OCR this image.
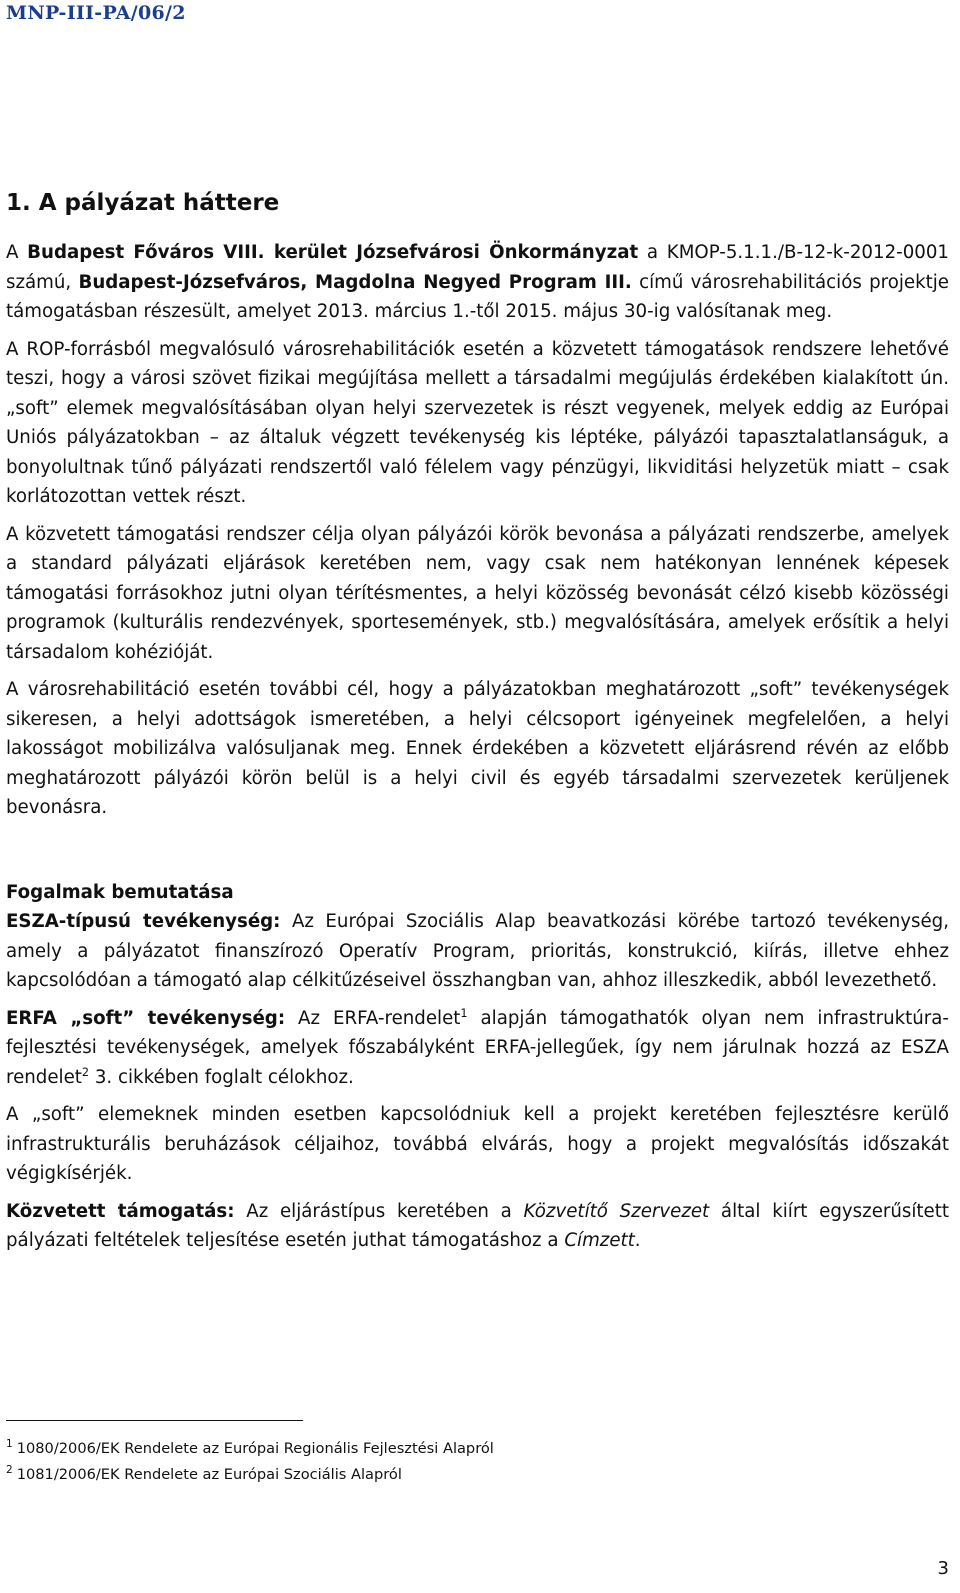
MNP-III-PA/06/2
1. A pályázat háttere

A Budapest Főváros VIII. kerület Józsefvárosi Önkormányzat a KMOP-5.1.1./B-12-k-2012-0001 számú, Budapest-Józsefváros, Magdolna Negyed Program III. című városrehabilitációs projektje támogatásban részesült, amelyet 2013. március 1.-től 2015. május 30-ig valósítanak meg.

A ROP-forrásból megvalósuló városrehabilitációk esetén a közvetett támogatások rendszere lehetővé teszi, hogy a városi szövet fizikai megújítása mellett a társadalmi megújulás érdekében kialakított ún. „soft” elemek megvalósításában olyan helyi szervezetek is részt vegyenek, melyek eddig az Európai Uniós pályázatokban – az általuk végzett tevékenység kis léptéke, pályázói tapasztalatlanságuk, a bonyolultnak tűnő pályázati rendszertől való félelem vagy pénzügyi, likviditási helyzetük miatt – csak korlátozottan vettek részt.

A közvetett támogatási rendszer célja olyan pályázói körök bevonása a pályázati rendszerbe, amelyek a standard pályázati eljárások keretében nem, vagy csak nem hatékonyan lennének képesek támogatási forrásokhoz jutni olyan térítésmentes, a helyi közösség bevonását célzó kisebb közösségi programok (kulturális rendezvények, sportesemények, stb.) megvalósítására, amelyek erősítik a helyi társadalom kohézióját.

A városrehabilitáció esetén további cél, hogy a pályázatokban meghatározott „soft” tevékenységek sikeresen, a helyi adottságok ismeretében, a helyi célcsoport igényeinek megfelelően, a helyi lakosságot mobilizálva valósuljanak meg. Ennek érdekében a közvetett eljárásrend révén az előbb meghatározott pályázói körön belül is a helyi civil és egyéb társadalmi szervezetek kerüljenek bevonásra.

Fogalmak bemutatása

ESZA-típusú tevékenység: Az Európai Szociális Alap beavatkozási körébe tartozó tevékenység, amely a pályázatot finanszírozó Operatív Program, prioritás, konstrukció, kiírás, illetve ehhez kapcsolódóan a támogató alap célkitűzéseivel összhangban van, ahhoz illeszkedik, abból levezethető.

ERFA „soft” tevékenység: Az ERFA-rendelet$^1$ alapján támogathatók olyan nem infrastruktúra-fejlesztési tevékenységek, amelyek főszabályként ERFA-jellegűek, így nem járulnak hozzá az ESZA rendelet$^2$ 3. cikkében foglalt célokhoz.

A „soft” elemeknek minden esetben kapcsolódniuk kell a projekt keretében fejlesztésre kerülő infrastrukturális beruházások céljaihoz, továbbá elvárás, hogy a projekt megvalósítás időszakát végigkísérjék.

Közvetett támogatás: Az eljárástípus keretében a Közvetítő Szervezet által kiírt egyszerűsített pályázati feltételek teljesítése esetén juthat támogatáshoz a Címzett.

$^1$ 1080/2006/EK Rendelete az Európai Regionális Fejlesztési Alapról
$^2$ 1081/2006/EK Rendelete az Európai Szociális Alapról
3
